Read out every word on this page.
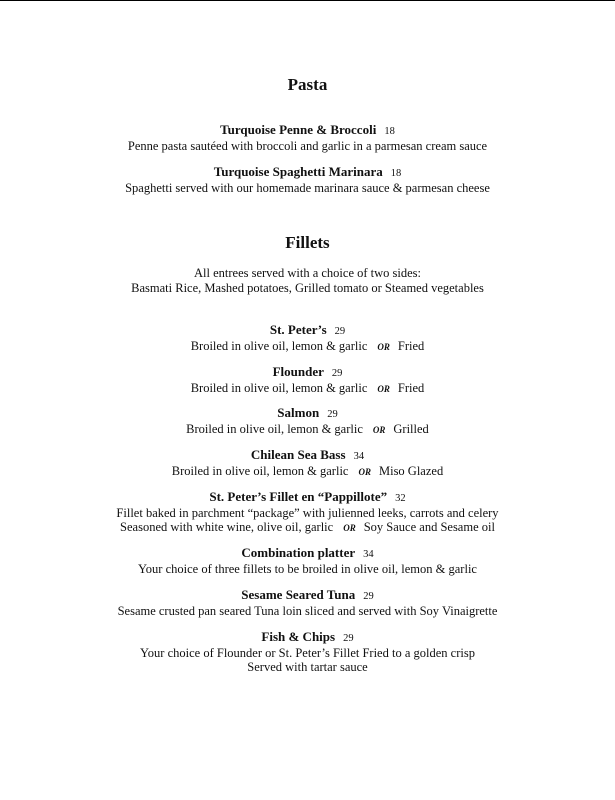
Pasta
Turquoise Penne & Broccoli 18
Penne pasta sautéed with broccoli and garlic in a parmesan cream sauce
Turquoise Spaghetti Marinara 18
Spaghetti served with our homemade marinara sauce & parmesan cheese
Fillets
All entrees served with a choice of two sides:
Basmati Rice, Mashed potatoes, Grilled tomato or Steamed vegetables
St. Peter’s 29
Broiled in olive oil, lemon & garlic OR Fried
Flounder 29
Broiled in olive oil, lemon & garlic OR Fried
Salmon 29
Broiled in olive oil, lemon & garlic OR Grilled
Chilean Sea Bass 34
Broiled in olive oil, lemon & garlic OR Miso Glazed
St. Peter’s Fillet en “Pappillote” 32
Fillet baked in parchment “package” with julienned leeks, carrots and celery
Seasoned with white wine, olive oil, garlic OR Soy Sauce and Sesame oil
Combination platter 34
Your choice of three fillets to be broiled in olive oil, lemon & garlic
Sesame Seared Tuna 29
Sesame crusted pan seared Tuna loin sliced and served with Soy Vinaigrette
Fish & Chips 29
Your choice of Flounder or St. Peter’s Fillet Fried to a golden crisp
Served with tartar sauce
